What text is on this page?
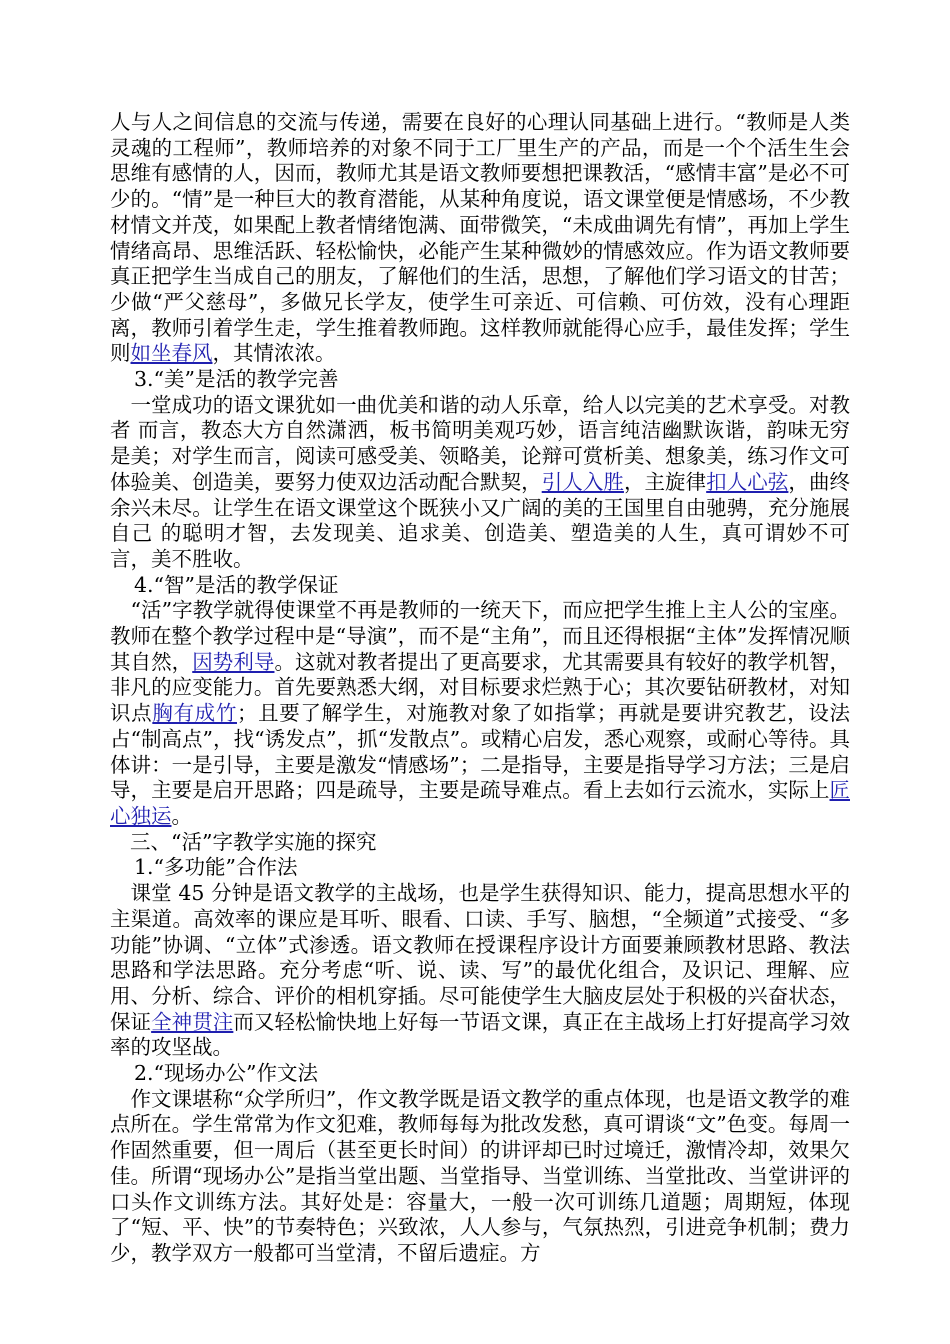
人与人之间信息的交流与传递，需要在良好的心理认同基础上进行。“教师是人类灵魂的工程师”，教师培养的对象不同于工厂里生产的产品，而是一个个活生生会思维有感情的人，因而，教师尤其是语文教师要想把课教活，“感情丰富”是必不可少的。“情”是一种巨大的教育潜能，从某种角度说，语文课堂便是情感场，不少教材情文并茂，如果配上教者情绪饱满、面带微笑，“未成曲调先有情”，再加上学生情绪高昂、思维活跃、轻松愉快，必能产生某种微妙的情感效应。作为语文教师要真正把学生当成自己的朋友，了解他们的生活，思想，了解他们学习语文的甘苦；少做“严父慈母”，多做兄长学友，使学生可亲近、可信赖、可仿效，没有心理距离，教师引着学生走，学生推着教师跑。这样教师就能得心应手，最佳发挥；学生则如坐春风，其情浓浓。

3.“美”是活的教学完善

一堂成功的语文课犹如一曲优美和谐的动人乐章，给人以完美的艺术享受。对教者 而言，教态大方自然潇洒，板书简明美观巧妙，语言纯洁幽默诙谐，韵味无穷是美；对学生而言，阅读可感受美、领略美，论辩可赏析美、想象美，练习作文可体验美、创造美，要努力使双边活动配合默契，引人入胜，主旋律扣人心弦，曲终余兴未尽。让学生在语文课堂这个既狭小又广阔的美的王国里自由驰骋，充分施展自己 的聪明才智，去发现美、追求美、创造美、塑造美的人生，真可谓妙不可言，美不胜收。

4.“智”是活的教学保证

“活”字教学就得使课堂不再是教师的一统天下，而应把学生推上主人公的宝座。教师在整个教学过程中是“导演”，而不是“主角”，而且还得根据“主体”发挥情况顺其自然，因势利导。这就对教者提出了更高要求，尤其需要具有较好的教学机智，非凡的应变能力。首先要熟悉大纲，对目标要求烂熟于心；其次要钻研教材，对知识点胸有成竹；且要了解学生，对施教对象了如指掌；再就是要讲究教艺，设法占“制高点”，找“诱发点”，抓“发散点”。或精心启发，悉心观察，或耐心等待。具体讲：一是引导，主要是激发“情感场”；二是指导，主要是指导学习方法；三是启导，主要是启开思路；四是疏导，主要是疏导难点。看上去如行云流水，实际上匠心独运。

三、“活”字教学实施的探究

1.“多功能”合作法

课堂 45 分钟是语文教学的主战场，也是学生获得知识、能力，提高思想水平的主渠道。高效率的课应是耳听、眼看、口读、手写、脑想，“全频道”式接受、“多功能”协调、“立体”式渗透。语文教师在授课程序设计方面要兼顾教材思路、教法思路和学法思路。充分考虑“听、说、读、写”的最优化组合，及识记、理解、应用、分析、综合、评价的相机穿插。尽可能使学生大脑皮层处于积极的兴奋状态，保证全神贯注而又轻松愉快地上好每一节语文课，真正在主战场上打好提高学习效率的攻坚战。

2.“现场办公”作文法

作文课堪称“众学所归”，作文教学既是语文教学的重点体现，也是语文教学的难点所在。学生常常为作文犯难，教师每每为批改发愁，真可谓谈“文”色变。每周一作固然重要，但一周后（甚至更长时间）的讲评却已时过境迁，激情冷却，效果欠佳。所谓“现场办公”是指当堂出题、当堂指导、当堂训练、当堂批改、当堂讲评的口头作文训练方法。其好处是：容量大，一般一次可训练几道题；周期短，体现了“短、平、快”的节奏特色；兴致浓，人人参与，气氛热烈，引进竞争机制；费力少，教学双方一般都可当堂清，不留后遗症。方
